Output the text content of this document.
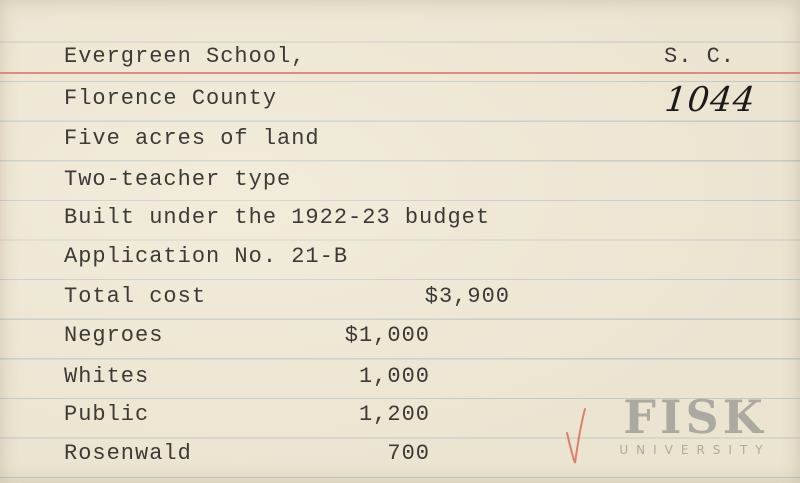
Evergreen School,	S. C.
1044
Florence County
Five acres of land
Two-teacher type
Built under the 1922-23 budget
Application No. 21-B
Total cost	$3,900
Negroes	$1,000
Whites	1,000
Public	1,200
Rosenwald	700
FISK
UNIVERSITY
